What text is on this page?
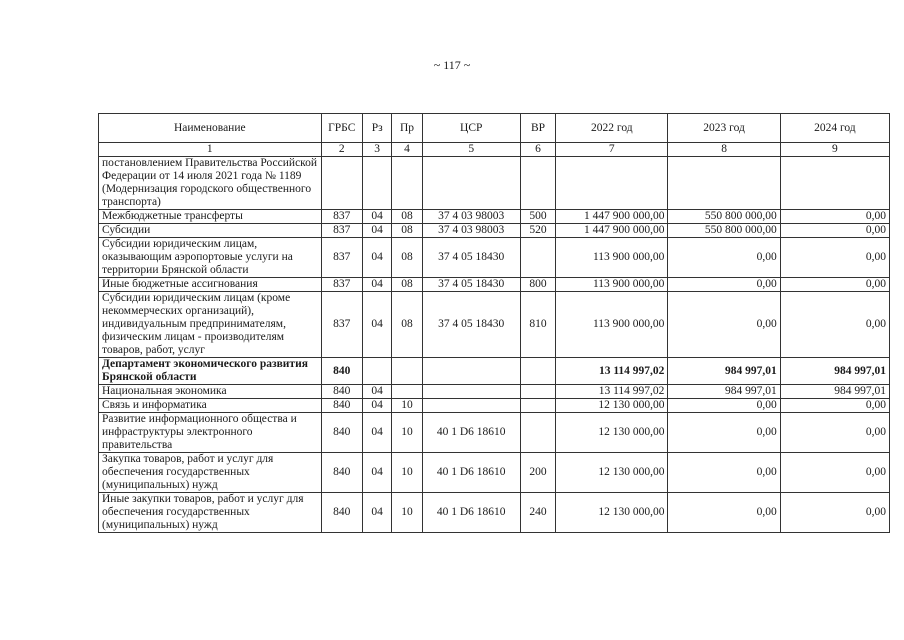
~ 117 ~
Наименование	ГРБС	Рз	Пр	ЦСР	ВР	2022 год	2023 год	2024 год
1	2	3	4	5	6	7	8	9
постановлением Правительства Российской Федерации от 14 июля 2021 года № 1189 (Модернизация городского общественного транспорта)								
Межбюджетные трансферты	837	04	08	37 4 03 98003	500	1 447 900 000,00	550 800 000,00	0,00
Субсидии	837	04	08	37 4 03 98003	520	1 447 900 000,00	550 800 000,00	0,00
Субсидии юридическим лицам, оказывающим аэропортовые услуги на территории Брянской области	837	04	08	37 4 05 18430		113 900 000,00	0,00	0,00
Иные бюджетные ассигнования	837	04	08	37 4 05 18430	800	113 900 000,00	0,00	0,00
Субсидии юридическим лицам (кроме некоммерческих организаций), индивидуальным предпринимателям, физическим лицам - производителям товаров, работ, услуг	837	04	08	37 4 05 18430	810	113 900 000,00	0,00	0,00
Департамент экономического развития Брянской области	840					13 114 997,02	984 997,01	984 997,01
Национальная экономика	840	04				13 114 997,02	984 997,01	984 997,01
Связь и информатика	840	04	10			12 130 000,00	0,00	0,00
Развитие информационного общества и инфраструктуры электронного правительства	840	04	10	40 1 D6 18610		12 130 000,00	0,00	0,00
Закупка товаров, работ и услуг для обеспечения государственных (муниципальных) нужд	840	04	10	40 1 D6 18610	200	12 130 000,00	0,00	0,00
Иные закупки товаров, работ и услуг для обеспечения государственных (муниципальных) нужд	840	04	10	40 1 D6 18610	240	12 130 000,00	0,00	0,00
